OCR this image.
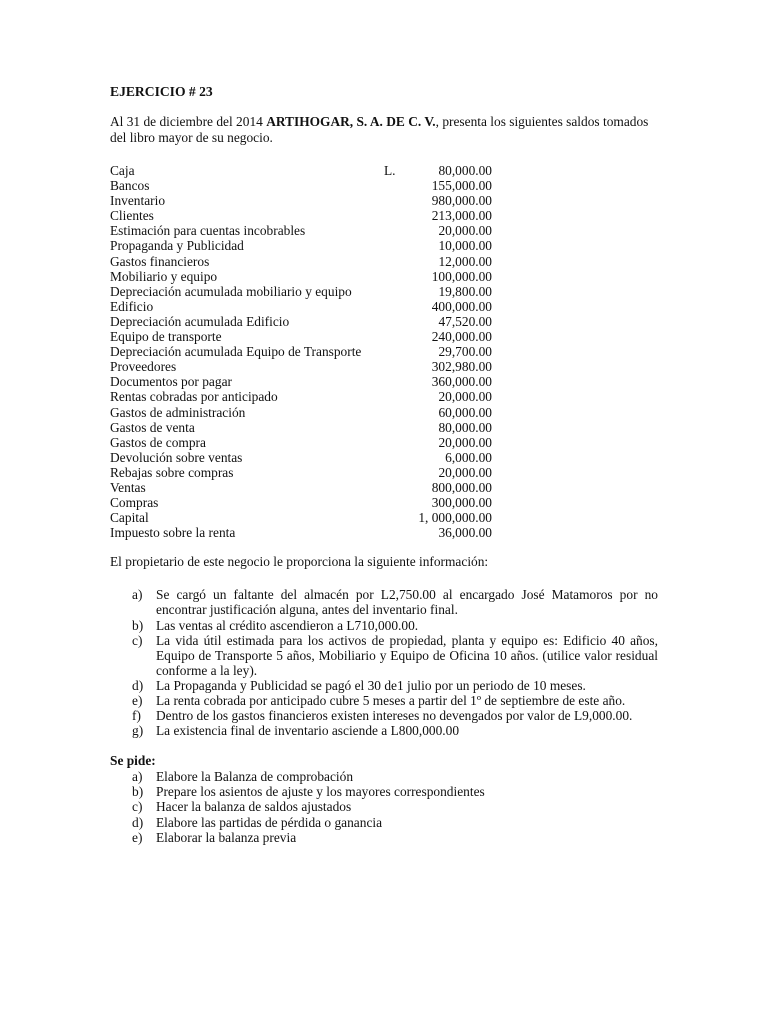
EJERCICIO # 23
Al 31 de diciembre del 2014 ARTIHOGAR, S. A. DE C. V., presenta los siguientes saldos tomados del libro mayor de su negocio.
Caja	L.	80,000.00
Bancos	155,000.00
Inventario	980,000.00
Clientes	213,000.00
Estimación para cuentas incobrables	20,000.00
Propaganda y Publicidad	10,000.00
Gastos financieros	12,000.00
Mobiliario y equipo	100,000.00
Depreciación acumulada mobiliario y equipo	19,800.00
Edificio	400,000.00
Depreciación acumulada Edificio	47,520.00
Equipo de transporte	240,000.00
Depreciación acumulada Equipo de Transporte	29,700.00
Proveedores	302,980.00
Documentos por pagar	360,000.00
Rentas cobradas por anticipado	20,000.00
Gastos de administración	60,000.00
Gastos de venta	80,000.00
Gastos de compra	20,000.00
Devolución sobre ventas	6,000.00
Rebajas sobre compras	20,000.00
Ventas	800,000.00
Compras	300,000.00
Capital	1, 000,000.00
Impuesto sobre la renta	36,000.00
El propietario de este negocio le proporciona la siguiente información:
a) Se cargó un faltante del almacén por L2,750.00 al encargado José Matamoros por no encontrar justificación alguna, antes del inventario final.
b) Las ventas al crédito ascendieron a L710,000.00.
c) La vida útil estimada para los activos de propiedad, planta y equipo es: Edificio 40 años, Equipo de Transporte 5 años, Mobiliario y Equipo de Oficina 10 años. (utilice valor residual conforme a la ley).
d) La Propaganda y Publicidad se pagó el 30 de1 julio por un periodo de 10 meses.
e) La renta cobrada por anticipado cubre 5 meses a partir del 1º de septiembre de este año.
f) Dentro de los gastos financieros existen intereses no devengados por valor de L9,000.00.
g) La existencia final de inventario asciende a L800,000.00
Se pide:
a) Elabore la Balanza de comprobación
b) Prepare los asientos de ajuste y los mayores correspondientes
c) Hacer la balanza de saldos ajustados
d) Elabore las partidas de pérdida o ganancia
e) Elaborar la balanza previa
